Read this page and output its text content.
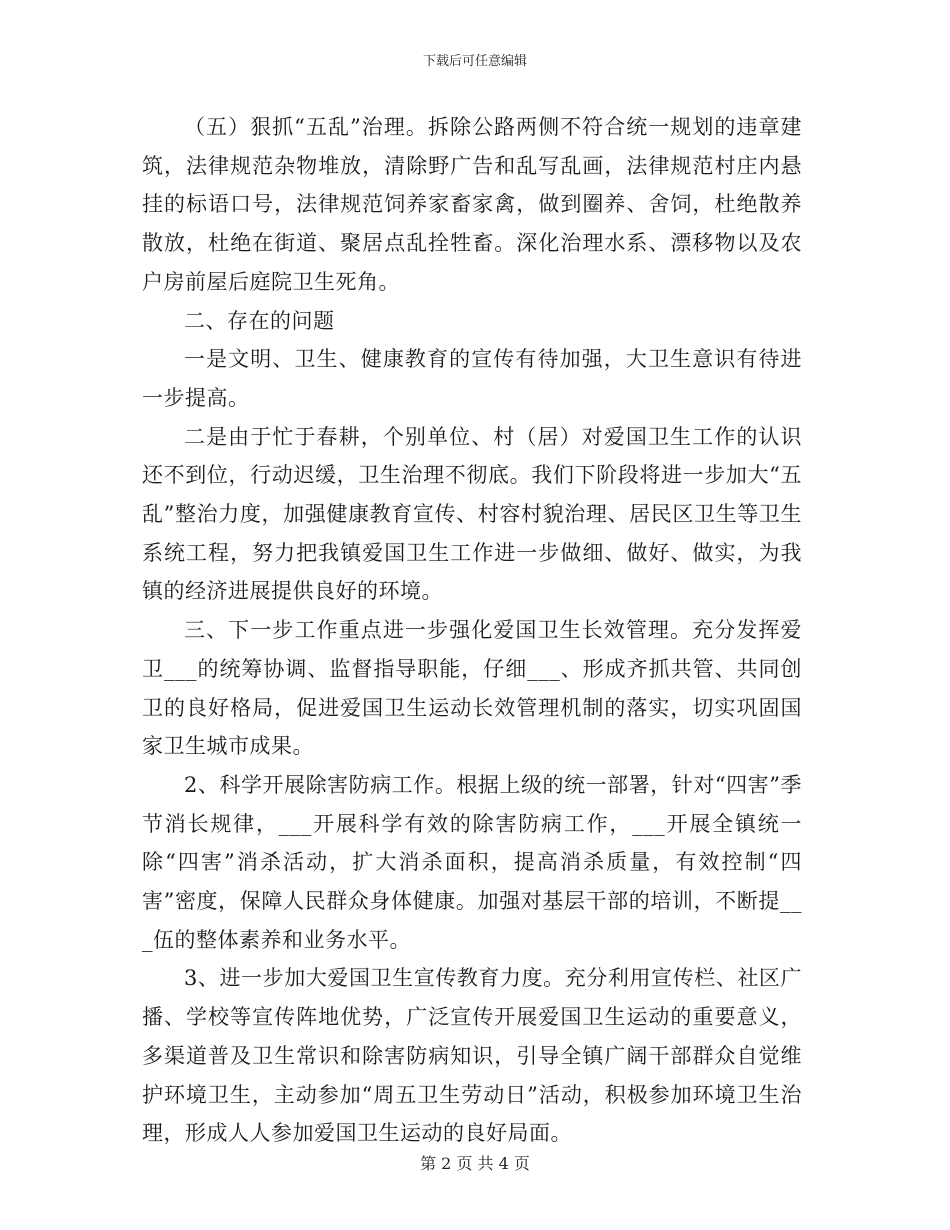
下载后可任意编辑

（五）狠抓“五乱”治理。拆除公路两侧不符合统一规划的违章建筑，法律规范杂物堆放，清除野广告和乱写乱画，法律规范村庄内悬挂的标语口号，法律规范饲养家畜家禽，做到圈养、舍饲，杜绝散养散放，杜绝在街道、聚居点乱拴牲畜。深化治理水系、漂移物以及农户房前屋后庭院卫生死角。

二、存在的问题

一是文明、卫生、健康教育的宣传有待加强，大卫生意识有待进一步提高。

二是由于忙于春耕，个别单位、村（居）对爱国卫生工作的认识还不到位，行动迟缓，卫生治理不彻底。我们下阶段将进一步加大“五乱”整治力度，加强健康教育宣传、村容村貌治理、居民区卫生等卫生系统工程，努力把我镇爱国卫生工作进一步做细、做好、做实，为我镇的经济进展提供良好的环境。

三、下一步工作重点进一步强化爱国卫生长效管理。充分发挥爱卫___的统筹协调、监督指导职能，仔细___、形成齐抓共管、共同创卫的良好格局，促进爱国卫生运动长效管理机制的落实，切实巩固国家卫生城市成果。

2、科学开展除害防病工作。根据上级的统一部署，针对“四害”季节消长规律，___开展科学有效的除害防病工作，___开展全镇统一除“四害”消杀活动，扩大消杀面积，提高消杀质量，有效控制“四害”密度，保障人民群众身体健康。加强对基层干部的培训，不断提___伍的整体素养和业务水平。

3、进一步加大爱国卫生宣传教育力度。充分利用宣传栏、社区广播、学校等宣传阵地优势，广泛宣传开展爱国卫生运动的重要意义，多渠道普及卫生常识和除害防病知识，引导全镇广阔干部群众自觉维护环境卫生，主动参加“周五卫生劳动日”活动，积极参加环境卫生治理，形成人人参加爱国卫生运动的良好局面。

第 2 页 共 4 页
